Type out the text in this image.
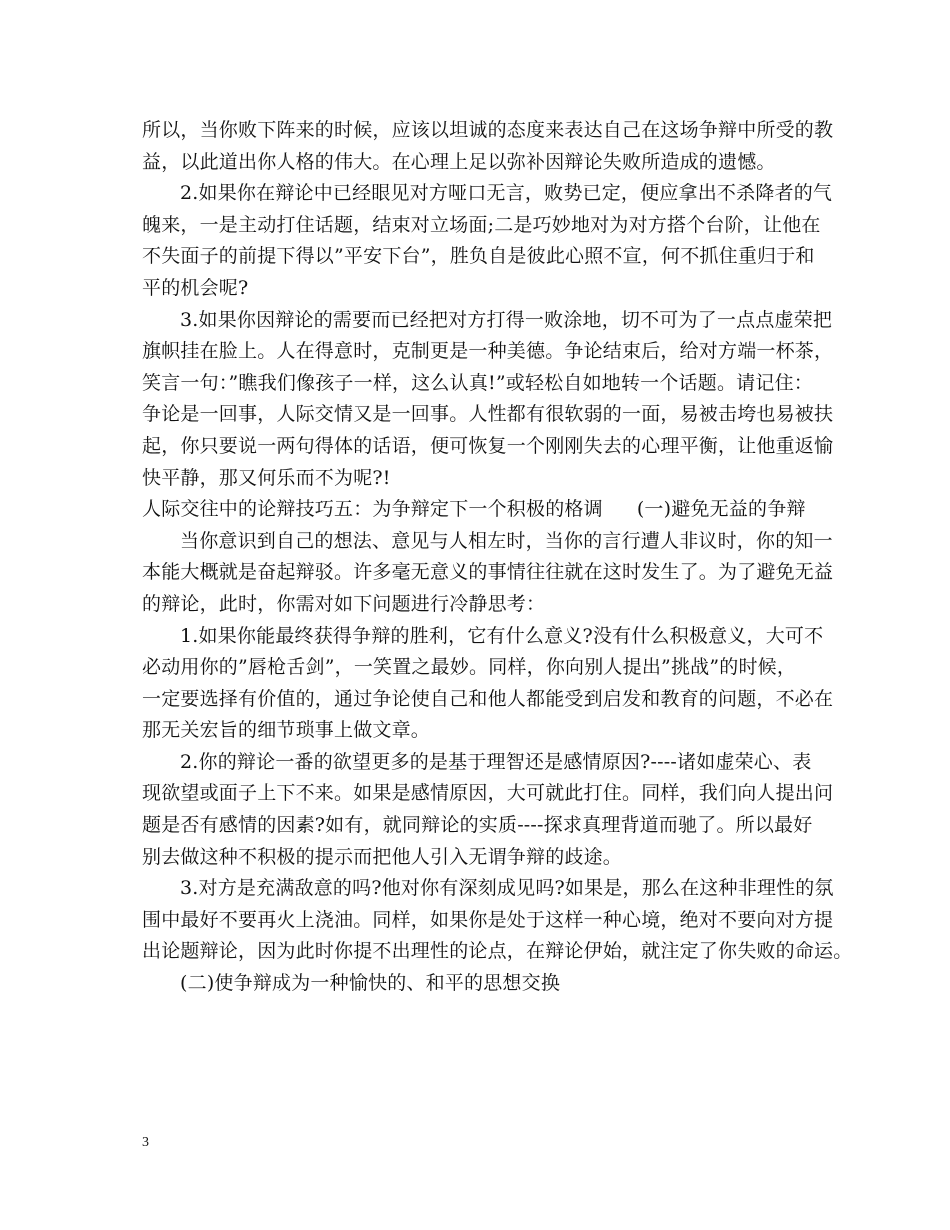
所以，当你败下阵来的时候，应该以坦诚的态度来表达自己在这场争辩中所受的教
益，以此道出你人格的伟大。在心理上足以弥补因辩论失败所造成的遗憾。
2.如果你在辩论中已经眼见对方哑口无言，败势已定，便应拿出不杀降者的气
魄来，一是主动打住话题，结束对立场面;二是巧妙地对为对方搭个台阶，让他在
不失面子的前提下得以”平安下台”，胜负自是彼此心照不宣，何不抓住重归于和
平的机会呢?
3.如果你因辩论的需要而已经把对方打得一败涂地，切不可为了一点点虚荣把
旗帜挂在脸上。人在得意时，克制更是一种美德。争论结束后，给对方端一杯茶，
笑言一句：”瞧我们像孩子一样，这么认真!”或轻松自如地转一个话题。请记住：
争论是一回事，人际交情又是一回事。人性都有很软弱的一面，易被击垮也易被扶
起，你只要说一两句得体的话语，便可恢复一个刚刚失去的心理平衡，让他重返愉
快平静，那又何乐而不为呢?!
人际交往中的论辩技巧五：为争辩定下一个积极的格调 (一)避免无益的争辩
当你意识到自己的想法、意见与人相左时，当你的言行遭人非议时，你的知一
本能大概就是奋起辩驳。许多毫无意义的事情往往就在这时发生了。为了避免无益
的辩论，此时，你需对如下问题进行冷静思考：
1.如果你能最终获得争辩的胜利，它有什么意义?没有什么积极意义，大可不
必动用你的”唇枪舌剑”，一笑置之最妙。同样，你向别人提出”挑战”的时候，
一定要选择有价值的，通过争论使自己和他人都能受到启发和教育的问题，不必在
那无关宏旨的细节琐事上做文章。
2.你的辩论一番的欲望更多的是基于理智还是感情原因?----诸如虚荣心、表
现欲望或面子上下不来。如果是感情原因，大可就此打住。同样，我们向人提出问
题是否有感情的因素?如有，就同辩论的实质----探求真理背道而驰了。所以最好
别去做这种不积极的提示而把他人引入无谓争辩的歧途。
3.对方是充满敌意的吗?他对你有深刻成见吗?如果是，那么在这种非理性的氛
围中最好不要再火上浇油。同样，如果你是处于这样一种心境，绝对不要向对方提
出论题辩论，因为此时你提不出理性的论点，在辩论伊始，就注定了你失败的命运。
(二)使争辩成为一种愉快的、和平的思想交换
3
